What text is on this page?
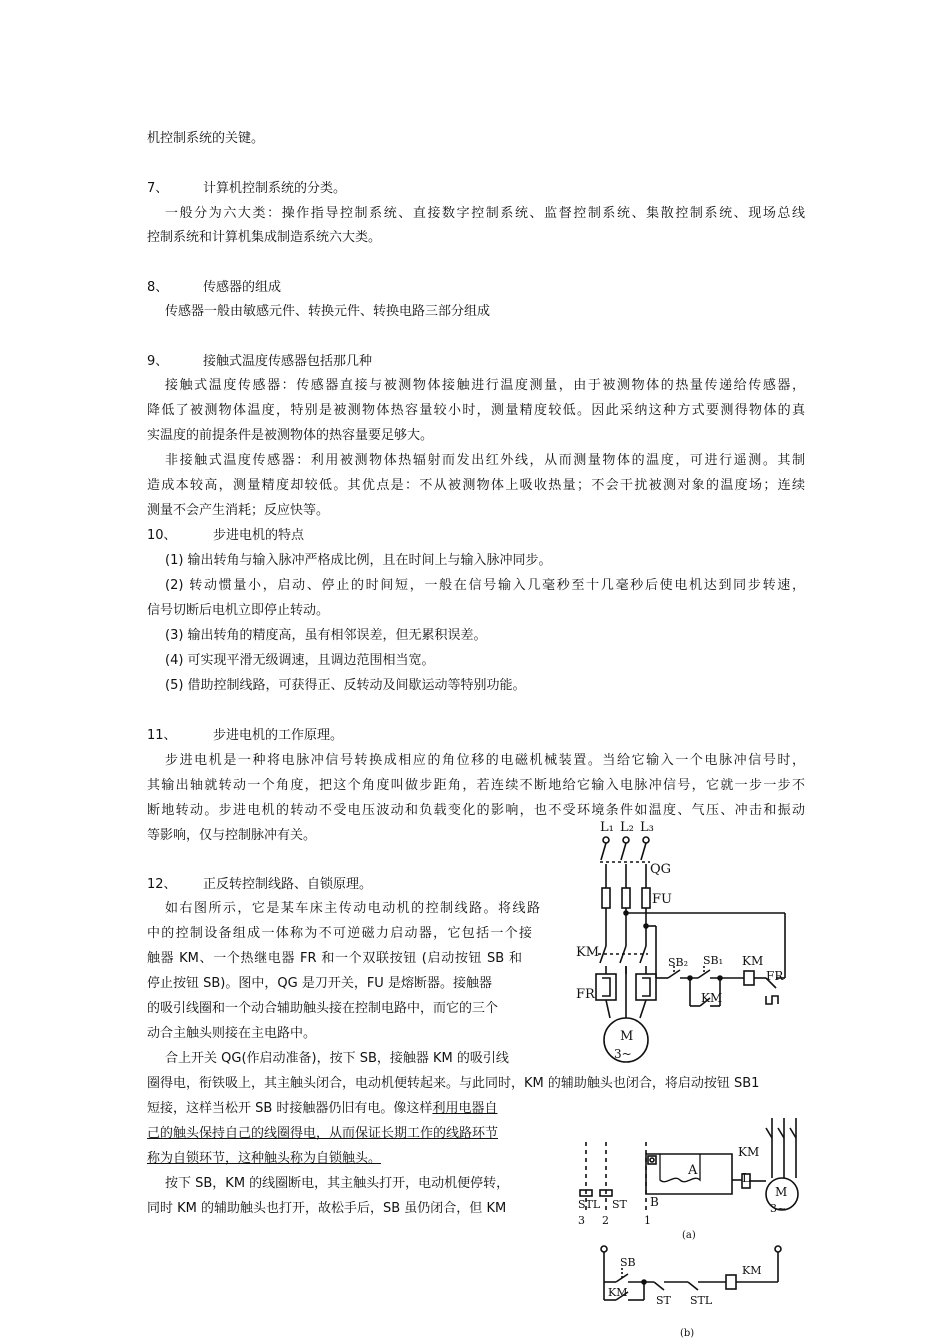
机控制系统的关键。
7、	计算机控制系统的分类。
一般分为六大类：操作指导控制系统、直接数字控制系统、监督控制系统、集散控制系统、现场总线
控制系统和计算机集成制造系统六大类。
8、	传感器的组成
传感器一般由敏感元件、转换元件、转换电路三部分组成
9、	接触式温度传感器包括那几种
接触式温度传感器：传感器直接与被测物体接触进行温度测量，由于被测物体的热量传递给传感器，
降低了被测物体温度，特别是被测物体热容量较小时，测量精度较低。因此采纳这种方式要测得物体的真
实温度的前提条件是被测物体的热容量要足够大。
非接触式温度传感器：利用被测物体热辐射而发出红外线，从而测量物体的温度，可进行遥测。其制
造成本较高，测量精度却较低。其优点是：不从被测物体上吸收热量；不会干扰被测对象的温度场；连续
测量不会产生消耗；反应快等。
10、	步进电机的特点
(1) 输出转角与输入脉冲严格成比例，且在时间上与输入脉冲同步。
(2) 转动惯量小，启动、停止的时间短，一般在信号输入几毫秒至十几毫秒后使电机达到同步转速，
信号切断后电机立即停止转动。
(3) 输出转角的精度高，虽有相邻误差，但无累积误差。
(4) 可实现平滑无级调速，且调边范围相当宽。
(5) 借助控制线路，可获得正、反转动及间歇运动等特别功能。
11、	步进电机的工作原理。
步进电机是一种将电脉冲信号转换成相应的角位移的电磁机械装置。当给它输入一个电脉冲信号时，
其输出轴就转动一个角度，把这个角度叫做步距角，若连续不断地给它输入电脉冲信号，它就一步一步不
断地转动。步进电机的转动不受电压波动和负载变化的影响，也不受环境条件如温度、气压、冲击和振动
等影响，仅与控制脉冲有关。
12、 正反转控制线路、自锁原理。
如右图所示，它是某车床主传动电动机的控制线路。将线路
中的控制设备组成一体称为不可逆磁力启动器，它包括一个接
触器 KM、一个热继电器 FR 和一个双联按钮 (启动按钮 SB 和
停止按钮 SB)。图中，QG 是刀开关，FU 是熔断器。接触器
的吸引线圈和一个动合辅助触头接在控制电路中，而它的三个
动合主触头则接在主电路中。
合上开关 QG(作启动准备)，按下 SB，接触器 KM 的吸引线
圈得电，衔铁吸上，其主触头闭合，电动机便转起来。与此同时，KM 的辅助触头也闭合，将启动按钮 SB1
短接，这样当松开 SB 时接触器仍旧有电。像这样利用电器自
己的触头保持自己的线圈得电，从而保证长期工作的线路环节
称为自锁环节，这种触头称为自锁触头。
按下 SB，KM 的线圈断电，其主触头打开，电动机便停转，
同时 KM 的辅助触头也打开，故松手后，SB 虽仍闭合，但 KM
L₁ L₂ L₃
QG
FU
KM
FR
SB₂ SB₁ KM
FR
KM
M
3~
KM
A
B
L
M
3~
STL ST
3 2	1
(a)
SB
KM
ST STL
KM
(b)
